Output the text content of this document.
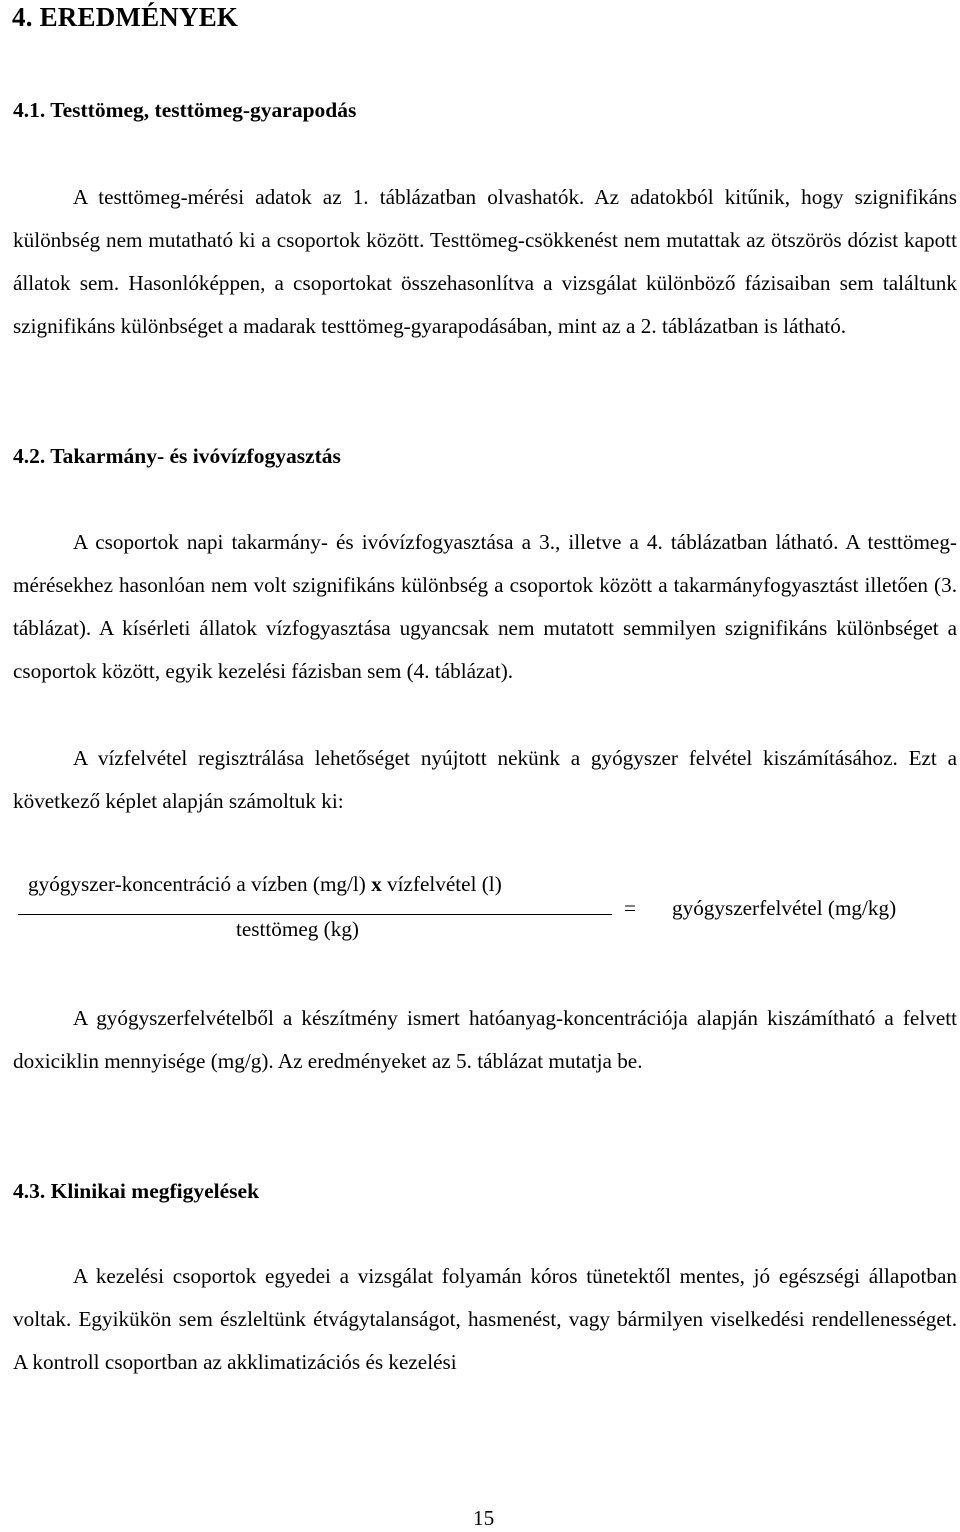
4. EREDMÉNYEK
4.1. Testtömeg, testtömeg-gyarapodás
A testtömeg-mérési adatok az 1. táblázatban olvashatók. Az adatokból kitűnik, hogy szignifikáns különbség nem mutatható ki a csoportok között. Testtömeg-csökkenést nem mutattak az ötszörös dózist kapott állatok sem. Hasonlóképpen, a csoportokat összehasonlítva a vizsgálat különböző fázisaiban sem találtunk szignifikáns különbséget a madarak testtömeg-gyarapodásában, mint az a 2. táblázatban is látható.
4.2. Takarmány- és ivóvízfogyasztás
A csoportok napi takarmány- és ivóvízfogyasztása a 3., illetve a 4. táblázatban látható. A testtömeg-mérésekhez hasonlóan nem volt szignifikáns különbség a csoportok között a takarmányfogyasztást illetően (3. táblázat). A kísérleti állatok vízfogyasztása ugyancsak nem mutatott semmilyen szignifikáns különbséget a csoportok között, egyik kezelési fázisban sem (4. táblázat).
A vízfelvétel regisztrálása lehetőséget nyújtott nekünk a gyógyszer felvétel kiszámításához. Ezt a következő képlet alapján számoltuk ki:
gyógyszer-koncentráció a vízben (mg/l) x vízfelvétel (l)
testtömeg (kg)
= gyógyszerfelvétel (mg/kg)
A gyógyszerfelvételből a készítmény ismert hatóanyag-koncentrációja alapján kiszámítható a felvett doxiciklin mennyisége (mg/g). Az eredményeket az 5. táblázat mutatja be.
4.3. Klinikai megfigyelések
A kezelési csoportok egyedei a vizsgálat folyamán kóros tünetektől mentes, jó egészségi állapotban voltak. Egyikükön sem észleltünk étvágytalanságot, hasmenést, vagy bármilyen viselkedési rendellenességet. A kontroll csoportban az akklimatizációs és kezelési
15
